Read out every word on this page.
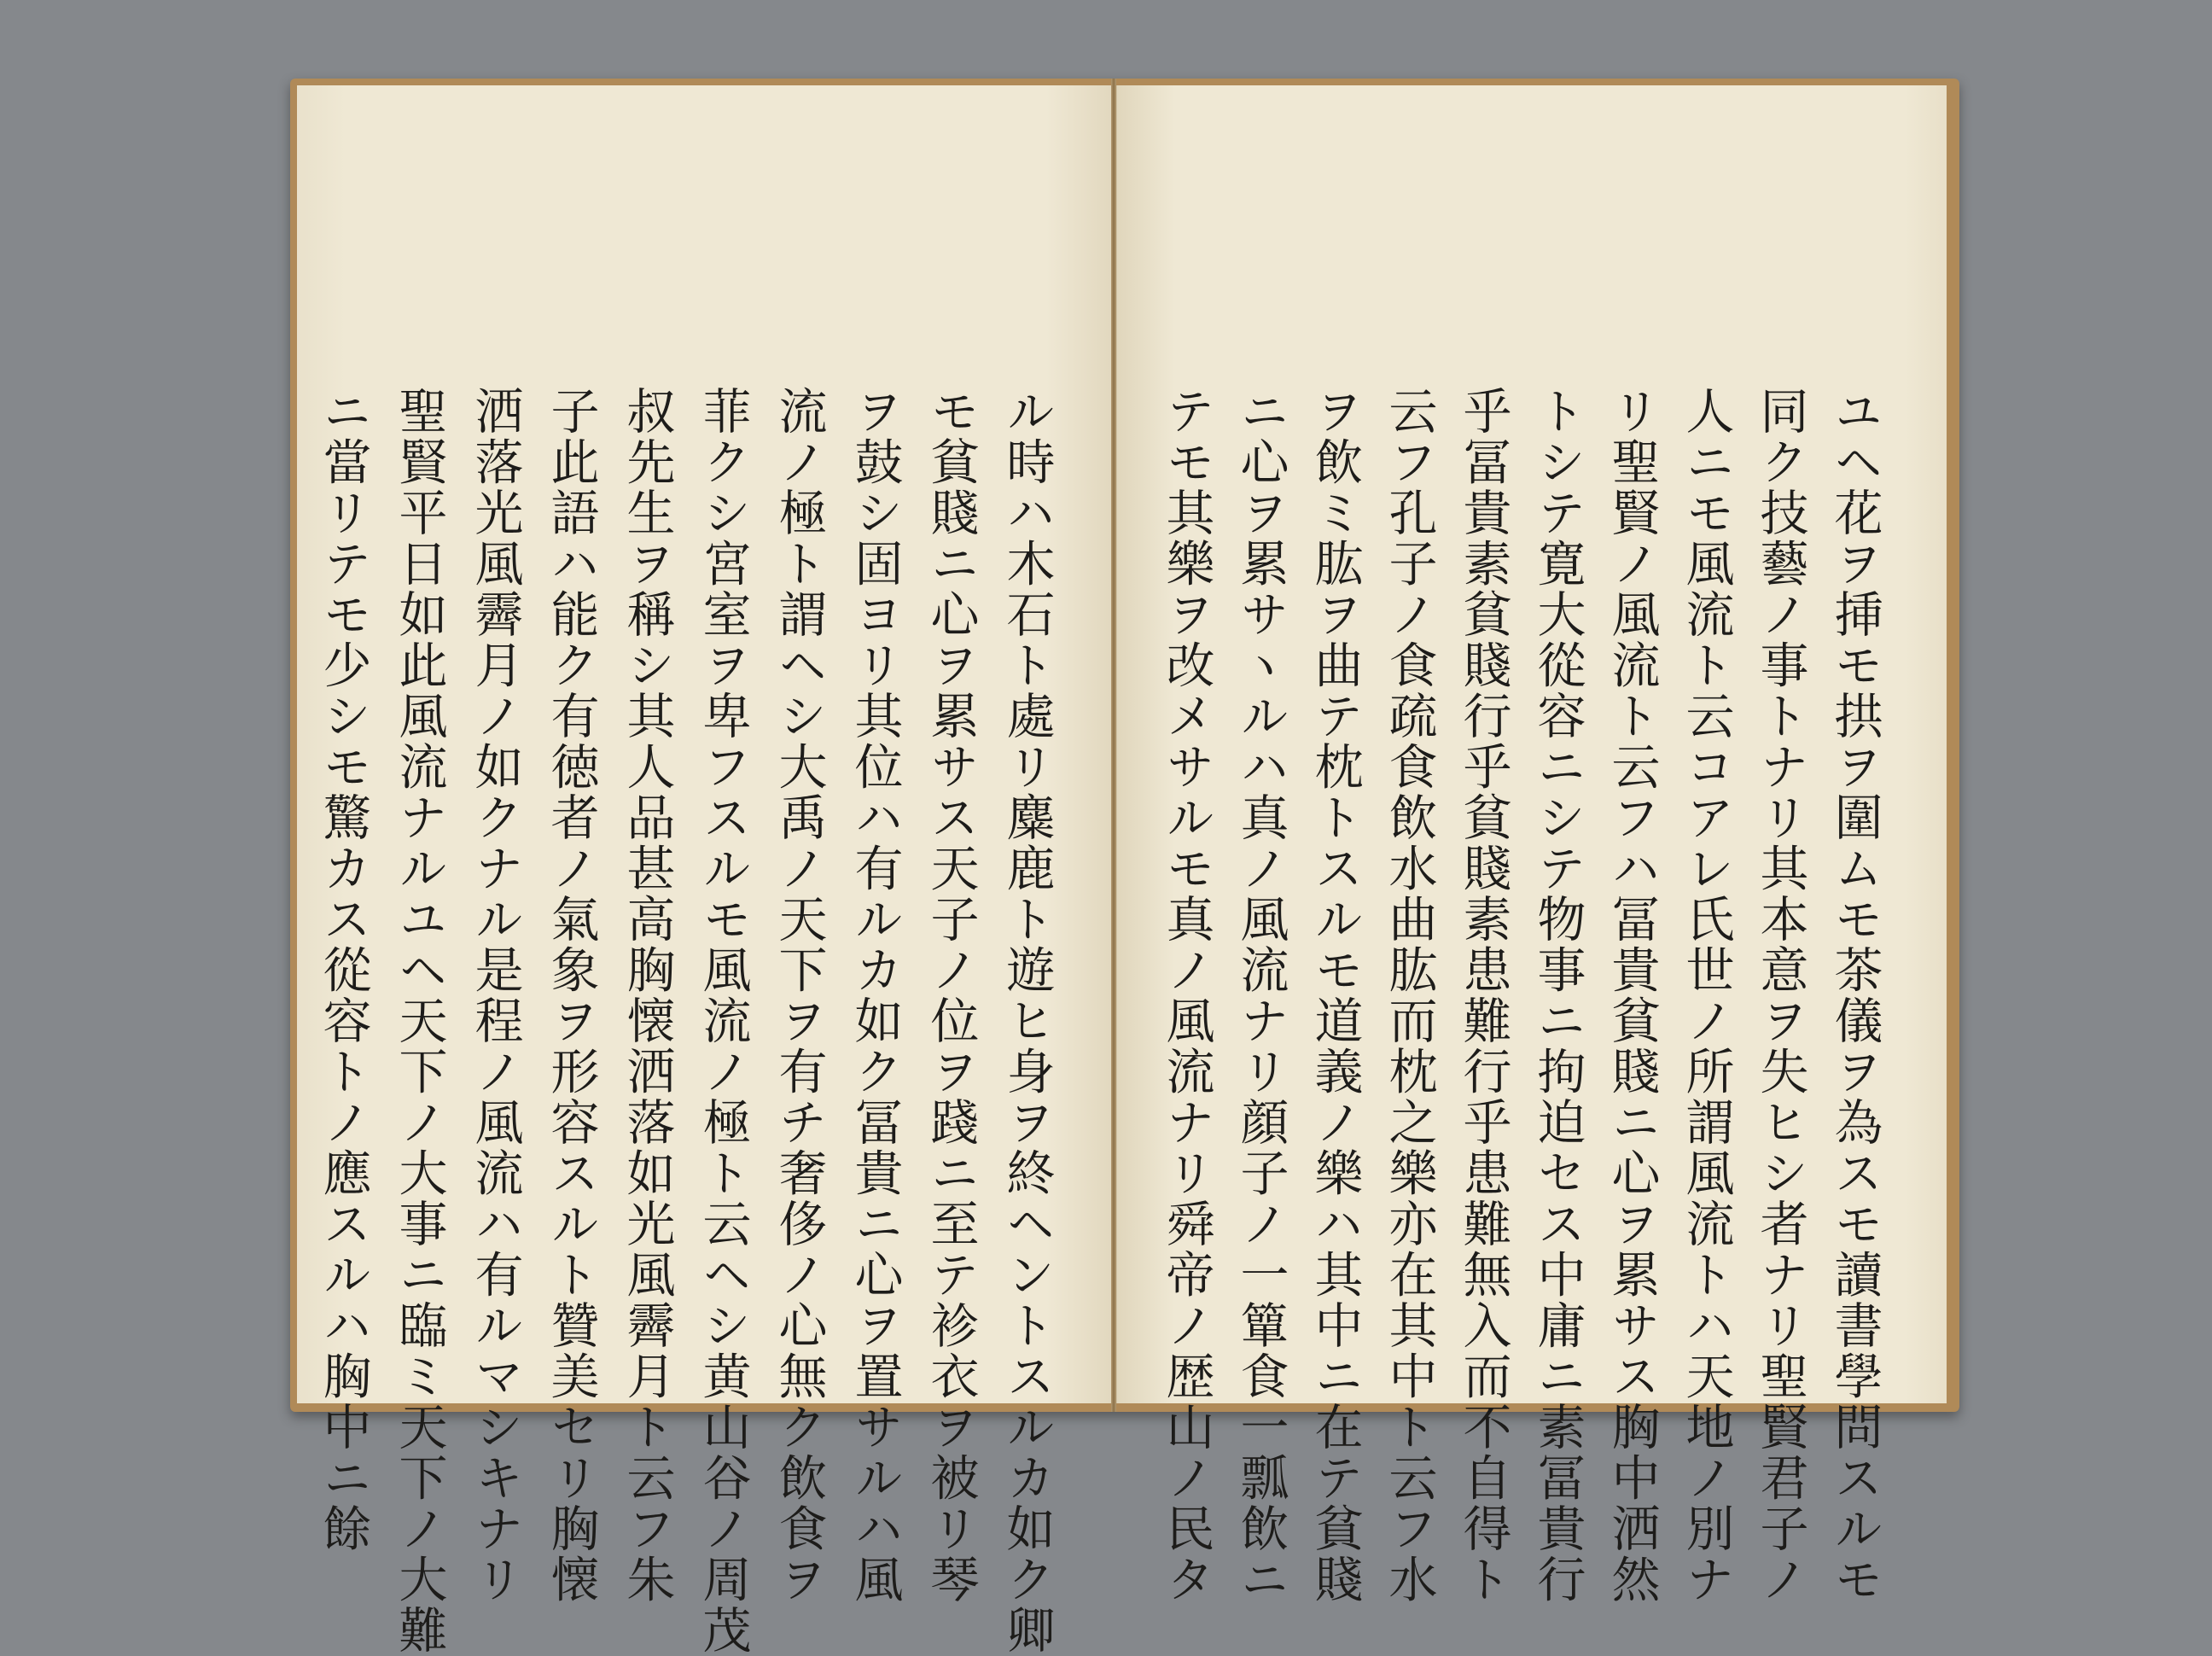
ル時ハ木石ト處リ麋鹿ト遊ヒ身ヲ終ヘントスルカ如ク卿
モ貧賤ニ心ヲ累サス天子ノ位ヲ踐ニ至テ袗衣ヲ被リ琴
ヲ鼓シ固ヨリ其位ハ有ルカ如ク冨貴ニ心ヲ置サルハ風
流ノ極ト謂ヘシ大禹ノ天下ヲ有チ奢侈ノ心無ク飲食ヲ
菲クシ宮室ヲ卑フスルモ風流ノ極ト云ヘシ黄山谷ノ周茂
叔先生ヲ稱シ其人品甚高胸懐洒落如光風霽月ト云フ朱
子此語ハ能ク有徳者ノ氣象ヲ形容スルト贊美セリ胸懐
洒落光風霽月ノ如クナル是程ノ風流ハ有ルマシキナリ
聖賢平日如此風流ナルユヘ天下ノ大事ニ臨ミ天下ノ大難
ニ當リテモ少シモ驚カス從容トノ應スルハ胸中ニ餘	ユヘ花ヲ挿モ拱ヲ圍ムモ茶儀ヲ為スモ讀書學問スルモ
同ク技藝ノ事トナリ其本意ヲ失ヒシ者ナリ聖賢君子ノ
人ニモ風流ト云コアレ氏世ノ所謂風流トハ天地ノ別ナ
リ聖賢ノ風流ト云フハ冨貴貧賤ニ心ヲ累サス胸中洒然
トシテ寛大從容ニシテ物事ニ拘迫セス中庸ニ素冨貴行
乎冨貴素貧賤行乎貧賤素患難行乎患難無入而不自得ト
云フ孔子ノ食疏食飲水曲肱而枕之樂亦在其中ト云フ水
ヲ飲ミ肱ヲ曲テ枕トスルモ道義ノ樂ハ其中ニ在テ貧賤
ニ心ヲ累サヽルハ真ノ風流ナリ顔子ノ一簞食一瓢飲ニ
テモ其樂ヲ改メサルモ真ノ風流ナリ舜帝ノ歴山ノ民タ
